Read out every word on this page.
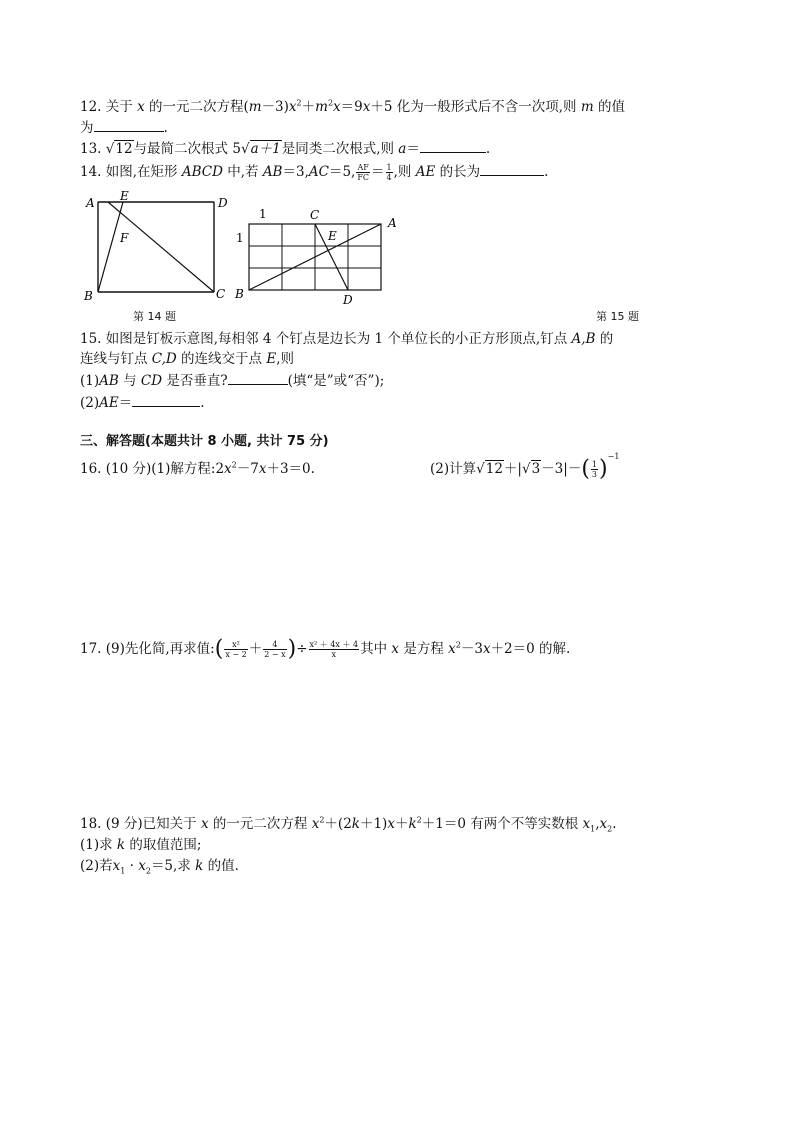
12. 关于 x 的一元二次方程$(m-3)x^2+m^2x=9x+5$ 化为一般形式后不含一次项,则 m 的值
为	.
13. √12与最简二次根式 5√a＋1是同类二次根式,则 a＝	.
14. 如图,在矩形 ABCD 中,若 AB＝3,AC＝5, $\frac{AF}{FC} = \frac{1}{4}$ ,则 AE 的长为	.
A E	D
F
B	C
第 14 题
1
1
C
A
E
B	D
第 15 题
15. 如图是钉板示意图,每相邻 4 个钉点是边长为 1 个单位长的小正方形顶点,钉点 A,B 的
连线与钉点 C,D 的连线交于点 E,则
(1)AB 与 CD 是否垂直?	(填“是”或“否”);
(2)AE＝	.
三、解答题(本题共计 8 小题, 共计 75 分)
16. (10 分)(1)解方程$:2x^2-7x+3=0$.	(2)计算$√12+|√3-3|-( \frac{1}{3} )^{-1}$
17. (9)先化简,再求值:( $\frac{\text{x²}}{x - 2} + \frac{4}{2 - x}$ )÷ $\frac{\text{x² ＋ 4x ＋ 4}}{x}$ 其中 x 是方程 $x^2-3x+2=0$ 的解.
18. (9 分)已知关于 x 的一元二次方程 $x^2+(2k+1)x+k^2+1=0$ 有两个不等实数根 $x_1,x_2$.
(1)求 k 的取值范围;
(2)若$x_1 \cdot x_2=5$,求 k 的值.
